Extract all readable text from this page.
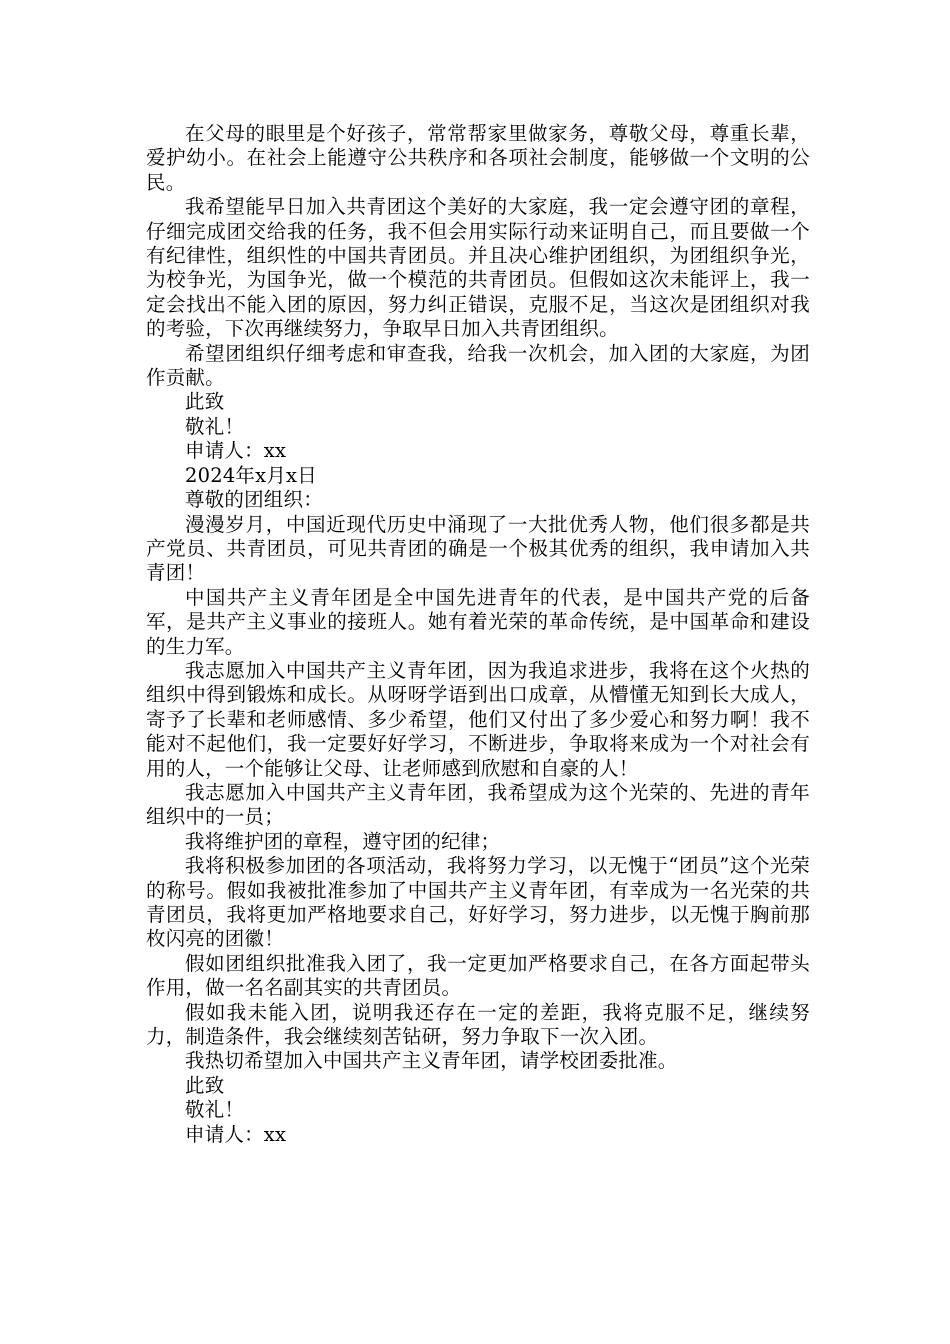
在父母的眼里是个好孩子，常常帮家里做家务，尊敬父母，尊重长辈，爱护幼小。在社会上能遵守公共秩序和各项社会制度，能够做一个文明的公民。

我希望能早日加入共青团这个美好的大家庭，我一定会遵守团的章程，仔细完成团交给我的任务，我不但会用实际行动来证明自己，而且要做一个有纪律性，组织性的中国共青团员。并且决心维护团组织，为团组织争光，为校争光，为国争光，做一个模范的共青团员。但假如这次未能评上，我一定会找出不能入团的原因，努力纠正错误，克服不足，当这次是团组织对我的考验，下次再继续努力，争取早日加入共青团组织。

希望团组织仔细考虑和审查我，给我一次机会，加入团的大家庭，为团作贡献。

此致

敬礼！

申请人：xx

2024年x月x日

尊敬的团组织：

漫漫岁月，中国近现代历史中涌现了一大批优秀人物，他们很多都是共产党员、共青团员，可见共青团的确是一个极其优秀的组织，我申请加入共青团！

中国共产主义青年团是全中国先进青年的代表，是中国共产党的后备军，是共产主义事业的接班人。她有着光荣的革命传统，是中国革命和建设的生力军。

我志愿加入中国共产主义青年团，因为我追求进步，我将在这个火热的组织中得到锻炼和成长。从呀呀学语到出口成章，从懵懂无知到长大成人，寄予了长辈和老师感情、多少希望，他们又付出了多少爱心和努力啊！我不能对不起他们，我一定要好好学习，不断进步，争取将来成为一个对社会有用的人，一个能够让父母、让老师感到欣慰和自豪的人！

我志愿加入中国共产主义青年团，我希望成为这个光荣的、先进的青年组织中的一员；

我将维护团的章程，遵守团的纪律；

我将积极参加团的各项活动，我将努力学习，以无愧于“团员”这个光荣的称号。假如我被批准参加了中国共产主义青年团，有幸成为一名光荣的共青团员，我将更加严格地要求自己，好好学习，努力进步，以无愧于胸前那枚闪亮的团徽！

假如团组织批准我入团了，我一定更加严格要求自己，在各方面起带头作用，做一名名副其实的共青团员。

假如我未能入团，说明我还存在一定的差距，我将克服不足，继续努力，制造条件，我会继续刻苦钻研，努力争取下一次入团。

我热切希望加入中国共产主义青年团，请学校团委批准。

此致

敬礼！

申请人：xx
